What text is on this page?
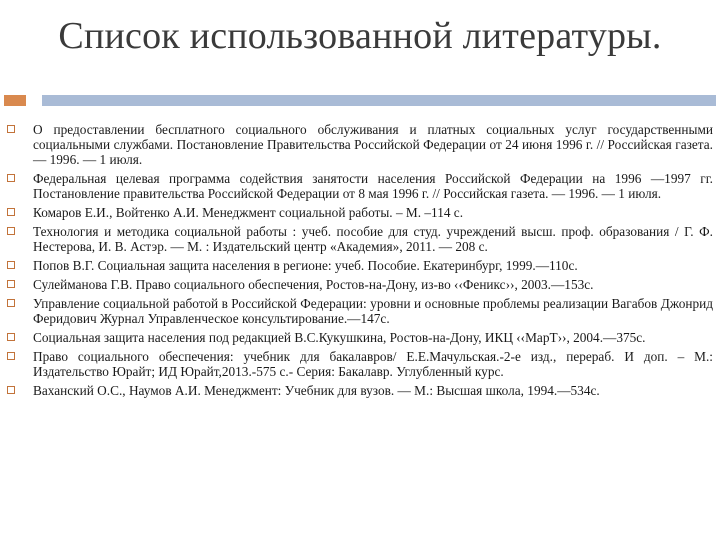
Список использованной литературы.
О предоставлении бесплатного социального обслуживания и платных социальных услуг государственными социальными службами. Постановление Правительства Российской Федерации от 24 июня 1996 г. // Российская газета. — 1996. — 1 июля.
Федеральная целевая программа содействия занятости населения Российской Федерации на 1996 —1997 гг. Постановление правительства Российской Федерации от 8 мая 1996 г. // Российская газета. — 1996. — 1 июля.
Комаров Е.И., Войтенко А.И. Менеджмент социальной работы. – М. –114 с.
Технология и методика социальной работы : учеб. пособие для студ. учреждений высш. проф. образования / Г. Ф. Нестерова, И. В. Астэр. — М. : Издательский центр «Академия», 2011. — 208 с.
Попов В.Г. Социальная защита населения в регионе: учеб. Пособие. Екатеринбург, 1999.—110с.
Сулейманова Г.В. Право социального обеспечения, Ростов-на-Дону, из-во ‹‹Феникс››, 2003.—153с.
Управление социальной работой в Российской Федерации: уровни и основные проблемы реализации Вагабов Джонрид Феридович Журнал Управленческое консультирование.—147с.
Социальная защита населения под редакцией В.С.Кукушкина, Ростов-на-Дону, ИКЦ ‹‹МарТ››, 2004.—375с.
Право социального обеспечения: учебник для бакалавров/ Е.Е.Мачульская.-2-е изд., перераб. И доп. – М.: Издательство Юрайт; ИД Юрайт,2013.-575 с.- Серия: Бакалавр. Углубленный курс.
Ваханский О.С., Наумов А.И. Менеджмент: Учебник для вузов. — М.: Высшая школа, 1994.—534с.
